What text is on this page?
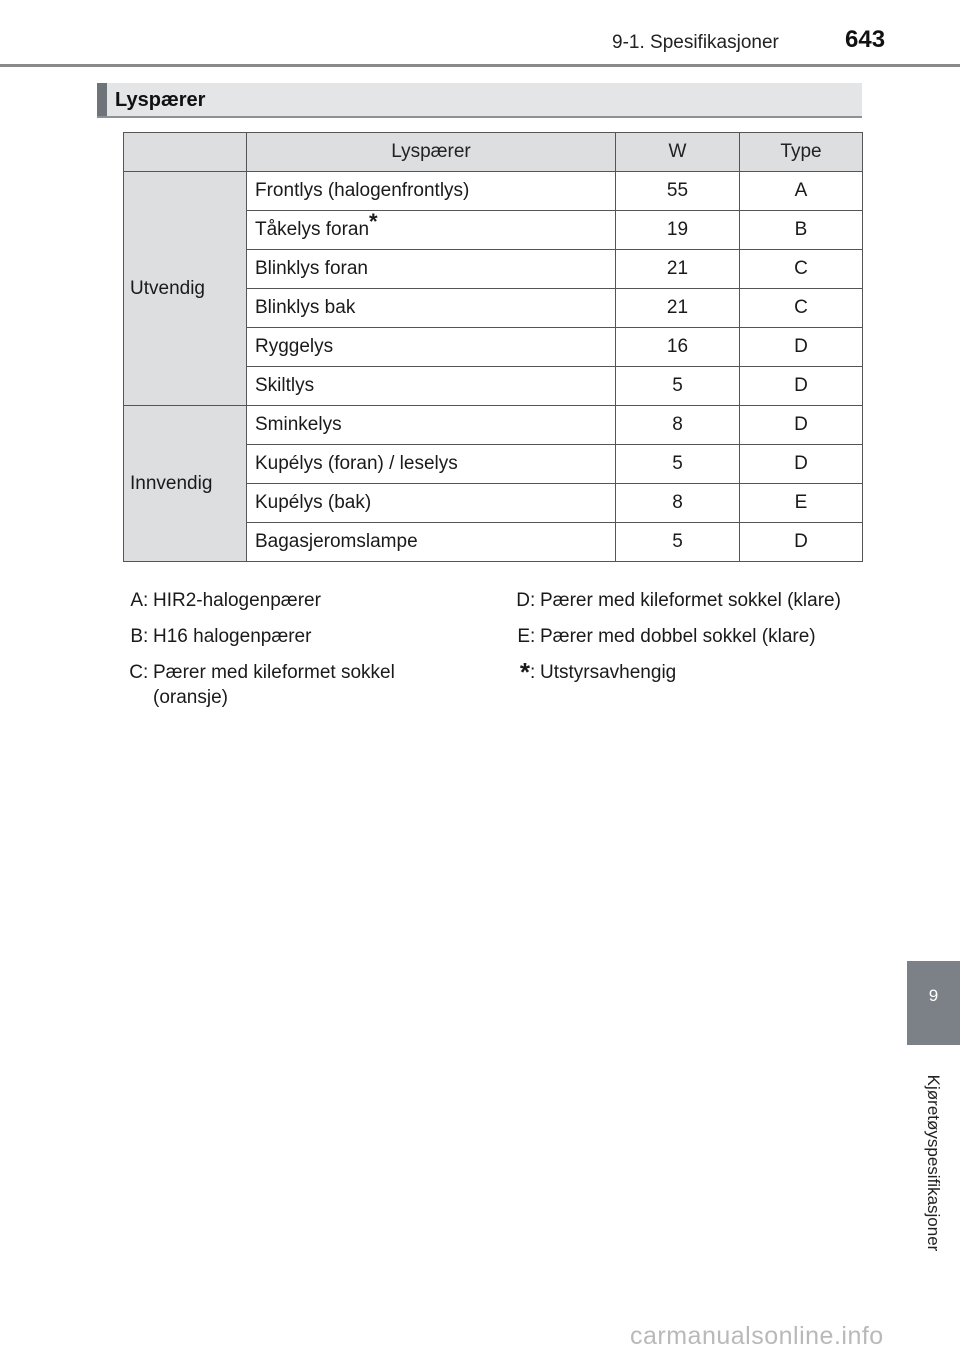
9-1. Spesifikasjoner	643
Lyspærer
	Lyspærer	W	Type
Utvendig	Frontlys (halogenfrontlys)	55	A
	Tåkelys foran*	19	B
	Blinklys foran	21	C
	Blinklys bak	21	C
	Ryggelys	16	D
	Skiltlys	5	D
Innvendig	Sminkelys	8	D
	Kupélys (foran) / leselys	5	D
	Kupélys (bak)	8	E
	Bagasjeromslampe	5	D
A : HIR2-halogenpærer
B : H16 halogenpærer
C : Pærer med kileformet sokkel (oransje)
D : Pærer med kileformet sokkel (klare)
E : Pærer med dobbel sokkel (klare)
* : Utstyrsavhengig
9
Kjøretøyspesifikasjoner
carmanualsonline.info
